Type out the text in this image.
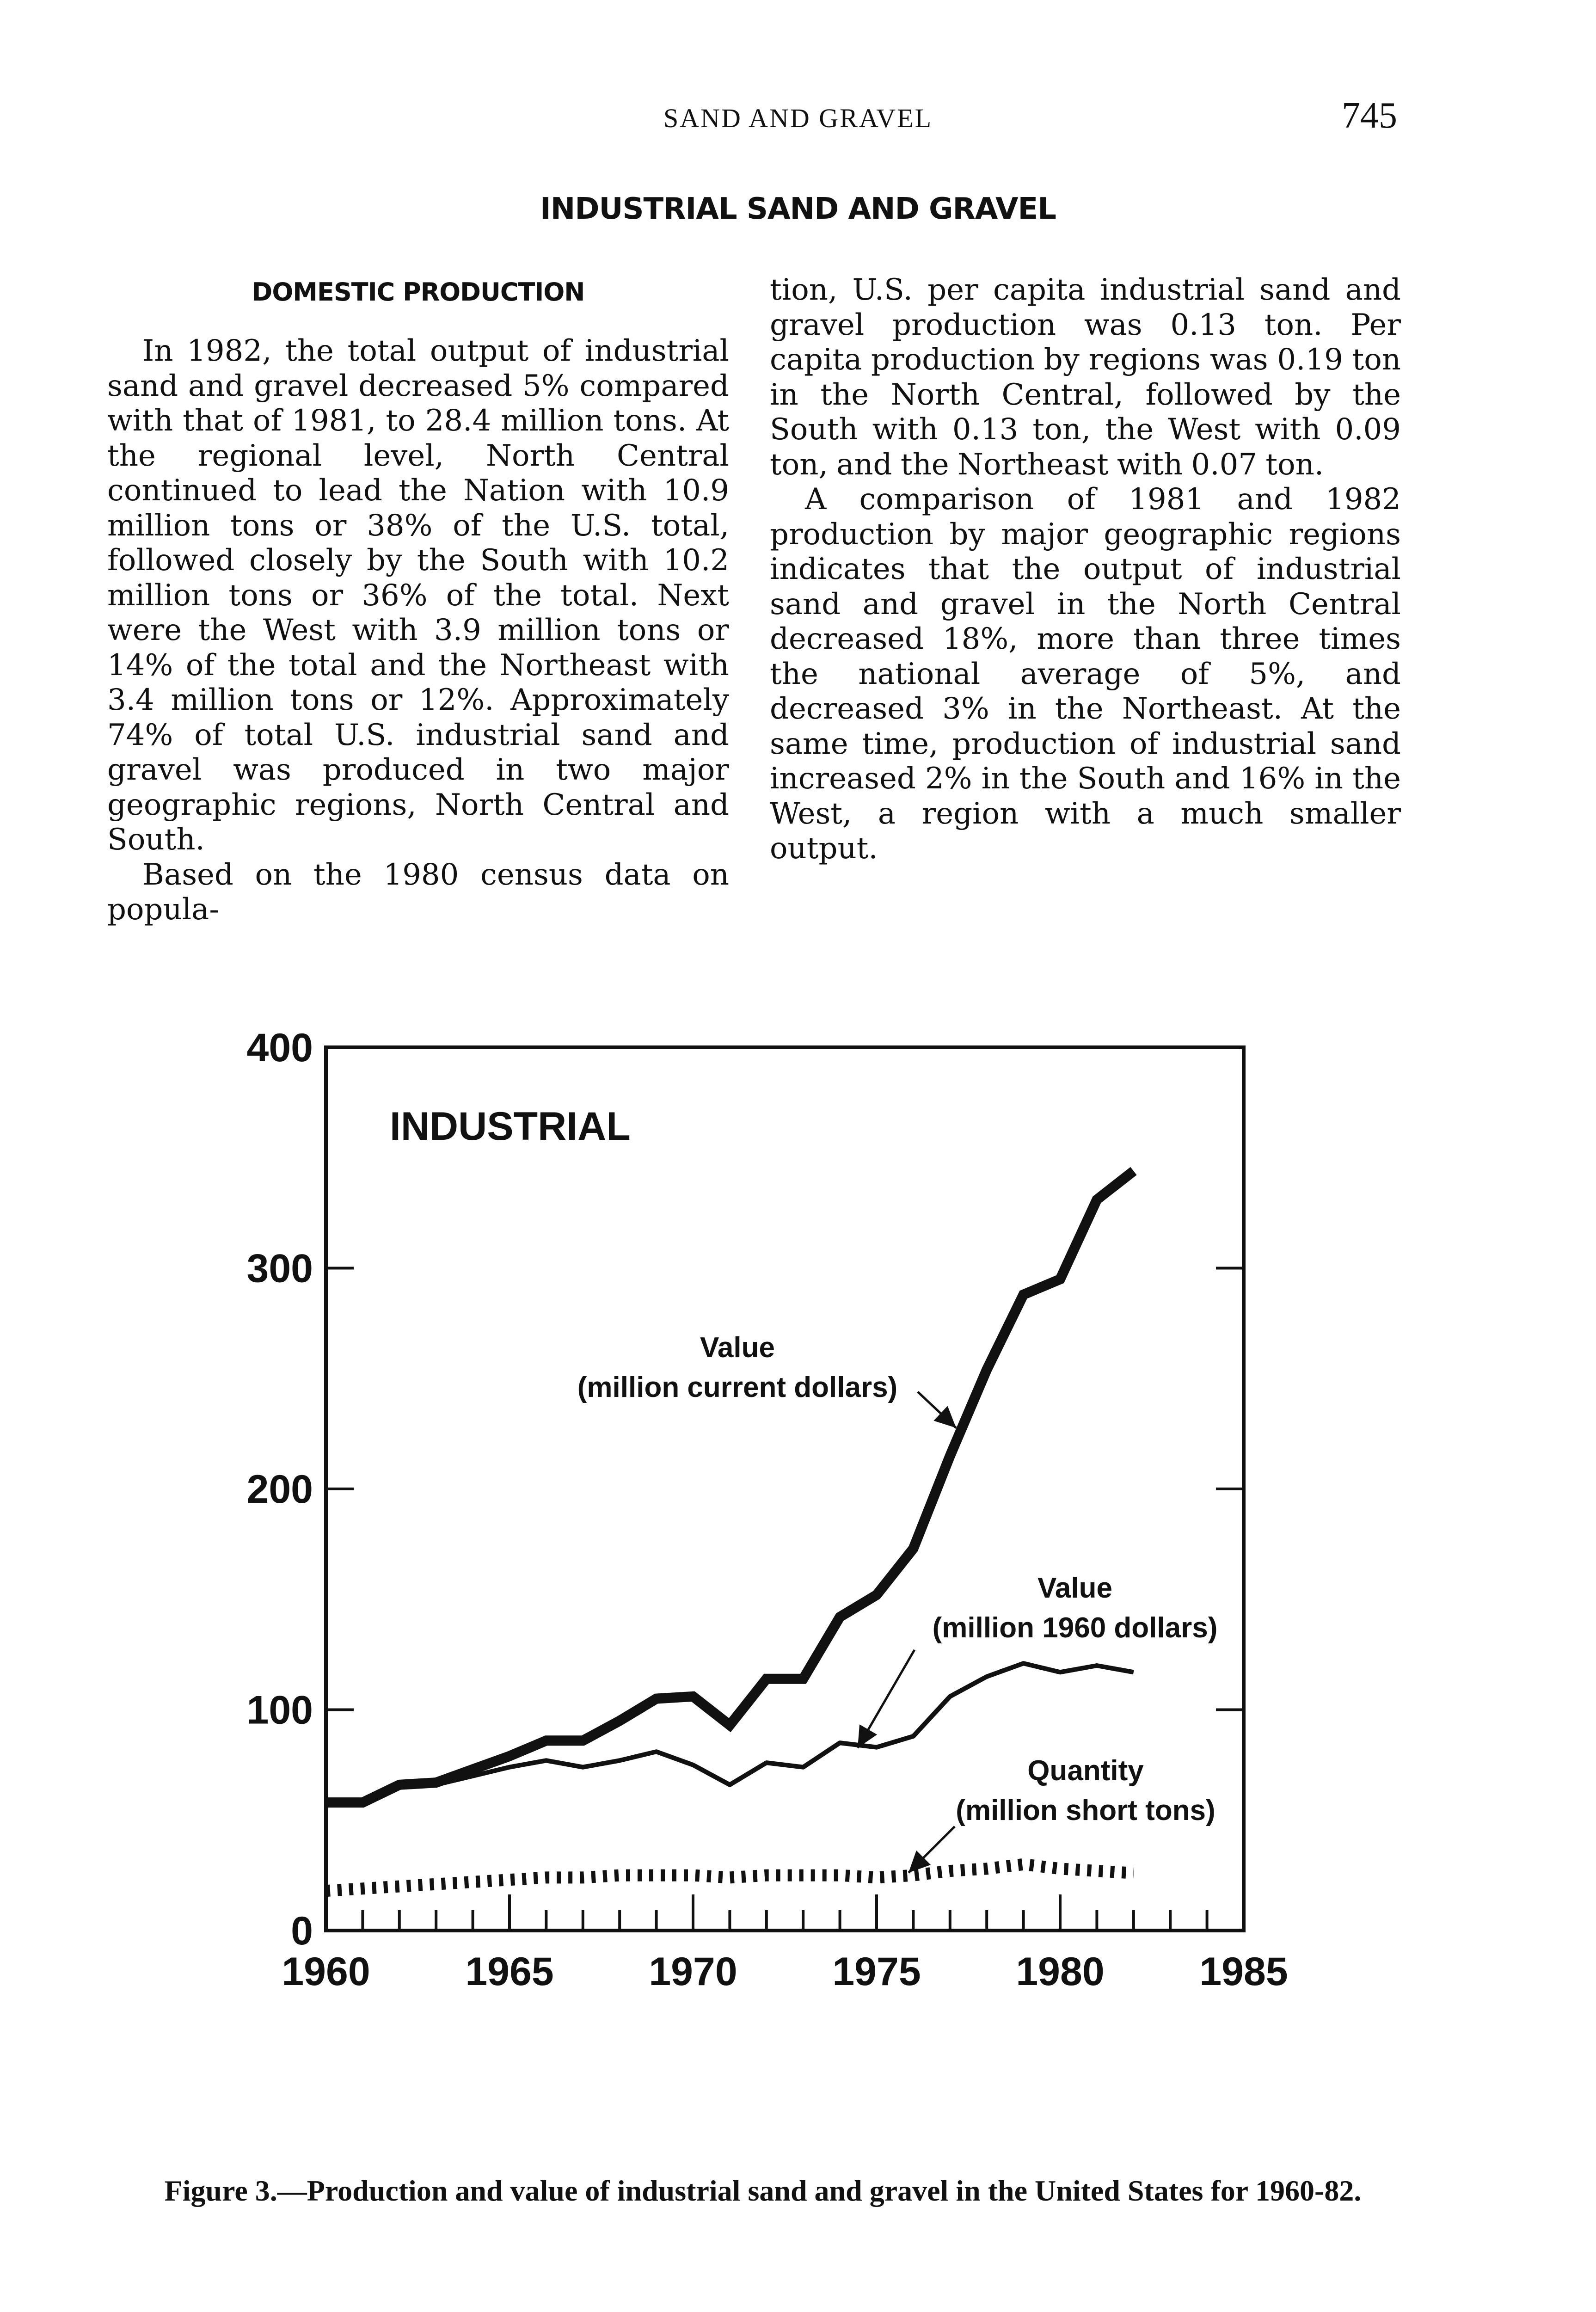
SAND AND GRAVEL	745
INDUSTRIAL SAND AND GRAVEL
DOMESTIC PRODUCTION

In 1982, the total output of industrial sand and gravel decreased 5% compared with that of 1981, to 28.4 million tons. At the regional level, North Central continued to lead the Nation with 10.9 million tons or 38% of the U.S. total, followed closely by the South with 10.2 million tons or 36% of the total. Next were the West with 3.9 million tons or 14% of the total and the Northeast with 3.4 million tons or 12%. Approximately 74% of total U.S. industrial sand and gravel was produced in two major geographic regions, North Central and South.

Based on the 1980 census data on popula-

tion, U.S. per capita industrial sand and gravel production was 0.13 ton. Per capita production by regions was 0.19 ton in the North Central, followed by the South with 0.13 ton, the West with 0.09 ton, and the Northeast with 0.07 ton.

A comparison of 1981 and 1982 production by major geographic regions indicates that the output of industrial sand and gravel in the North Central decreased 18%, more than three times the national average of 5%, and decreased 3% in the Northeast. At the same time, production of industrial sand increased 2% in the South and 16% in the West, a region with a much smaller output.

0
100
200
300
400
1960 1965 1970 1975 1980 1985
INDUSTRIAL
Value
(million current dollars)
Value
(million 1960 dollars)
Quantity
(million short tons)
Figure 3.—Production and value of industrial sand and gravel in the United States for 1960-82.
